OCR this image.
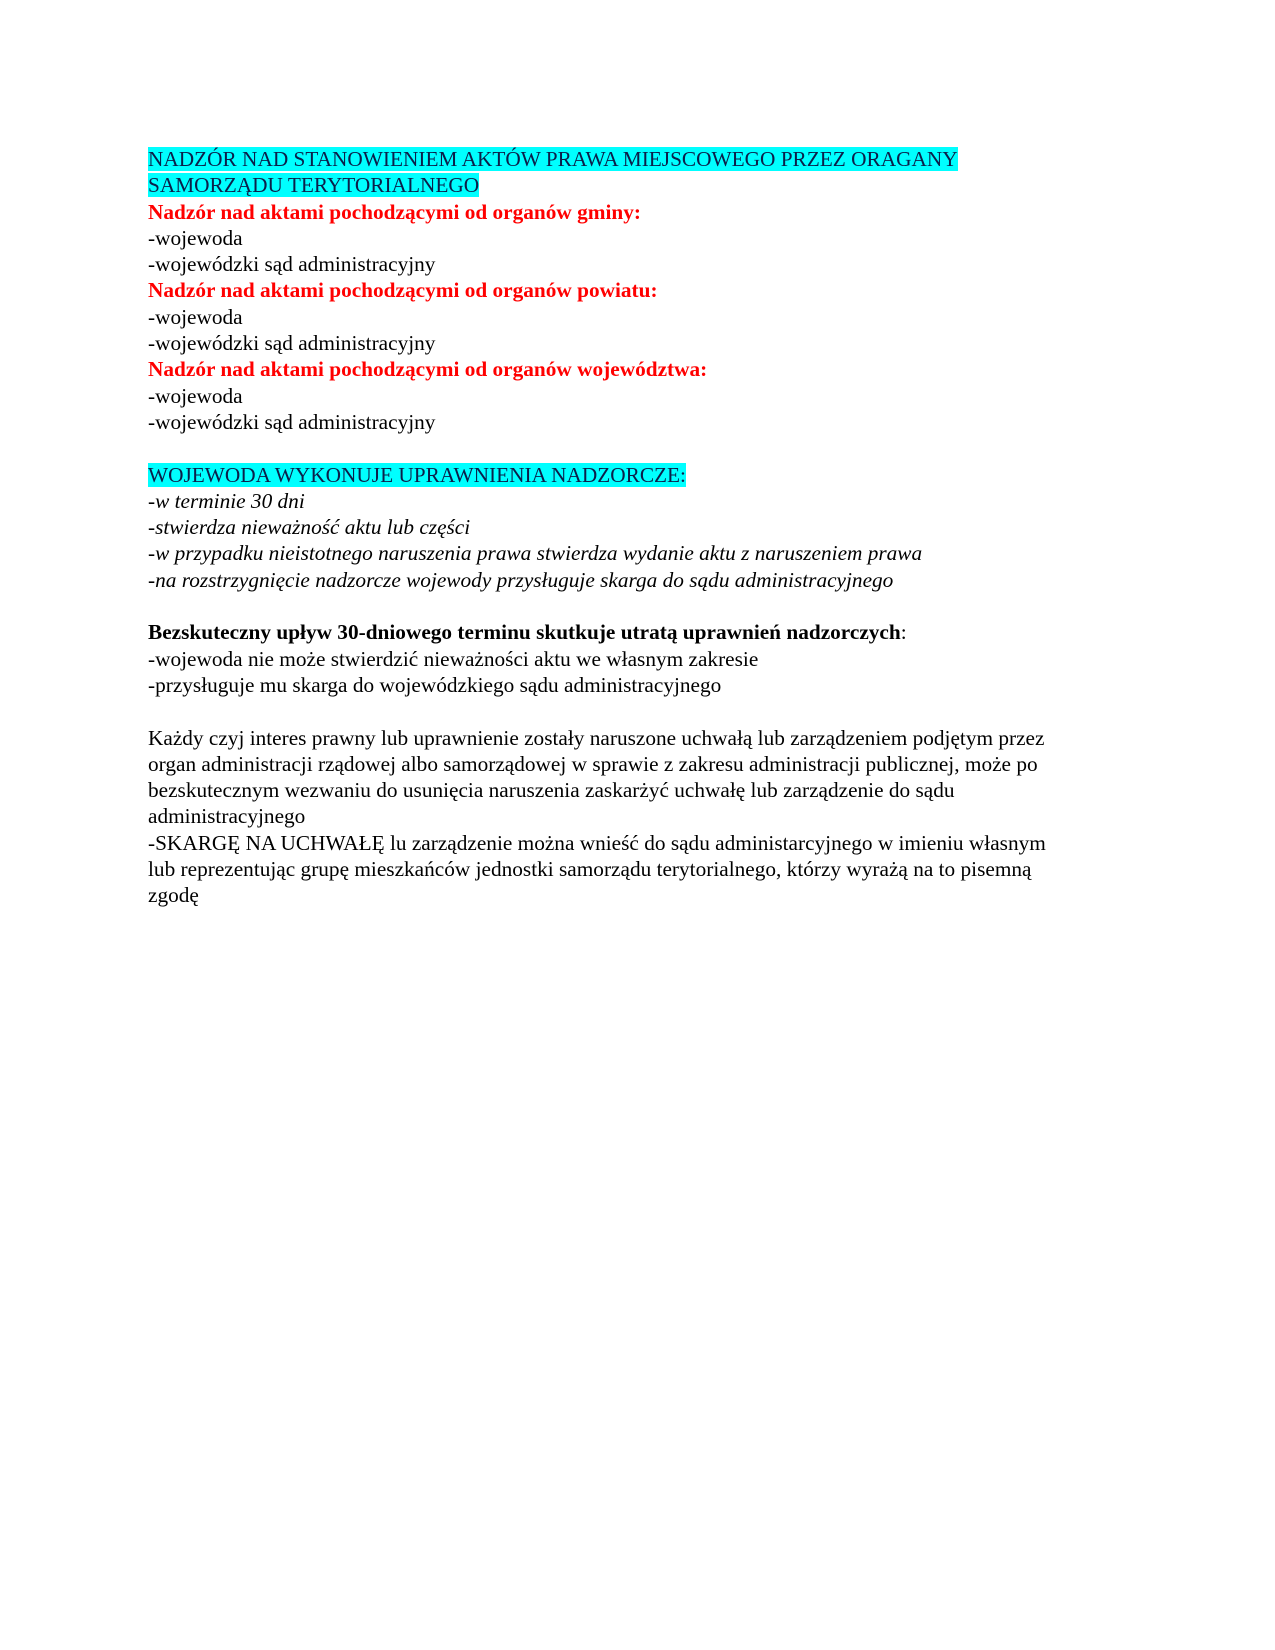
NADZÓR NAD STANOWIENIEM AKTÓW PRAWA MIEJSCOWEGO PRZEZ ORAGANY

SAMORZĄDU TERYTORIALNEGO

Nadzór nad aktami pochodzącymi od organów gminy:

-wojewoda

-wojewódzki sąd administracyjny

Nadzór nad aktami pochodzącymi od organów powiatu:

-wojewoda

-wojewódzki sąd administracyjny

Nadzór nad aktami pochodzącymi od organów województwa:

-wojewoda

-wojewódzki sąd administracyjny

WOJEWODA WYKONUJE UPRAWNIENIA NADZORCZE:

-w terminie 30 dni

-stwierdza nieważność aktu lub części

-w przypadku nieistotnego naruszenia prawa stwierdza wydanie aktu z naruszeniem prawa

-na rozstrzygnięcie nadzorcze wojewody przysługuje skarga do sądu administracyjnego

Bezskuteczny upływ 30-dniowego terminu skutkuje utratą uprawnień nadzorczych:

-wojewoda nie może stwierdzić nieważności aktu we własnym zakresie

-przysługuje mu skarga do wojewódzkiego sądu administracyjnego

Każdy czyj interes prawny lub uprawnienie zostały naruszone uchwałą lub zarządzeniem podjętym przez

organ administracji rządowej albo samorządowej w sprawie z zakresu administracji publicznej, może po

bezskutecznym wezwaniu do usunięcia naruszenia zaskarżyć uchwałę lub zarządzenie do sądu

administracyjnego

-SKARGĘ NA UCHWAŁĘ lu zarządzenie można wnieść do sądu administarcyjnego w imieniu własnym

lub reprezentując grupę mieszkańców jednostki samorządu terytorialnego, którzy wyrażą na to pisemną

zgodę
